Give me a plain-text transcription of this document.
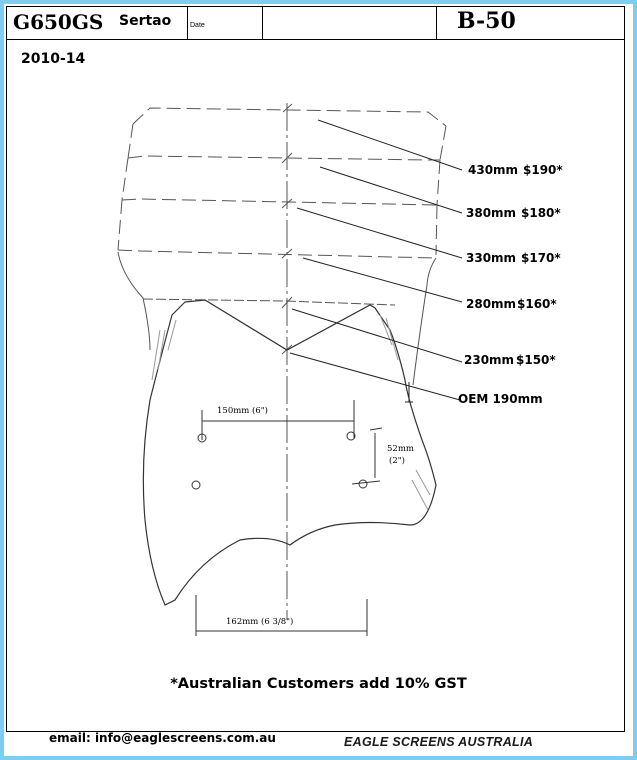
G650GS Sertao	Date	B-50
2010-14
430mm $190*
380mm $180*
330mm $170*
280mm $160*
230mm $150*
OEM 190mm
150mm (6")
52mm
(2")
162mm (6 3/8")
*Australian Customers add 10% GST
email: info@eaglescreens.com.au	EAGLE SCREENS AUSTRALIA
